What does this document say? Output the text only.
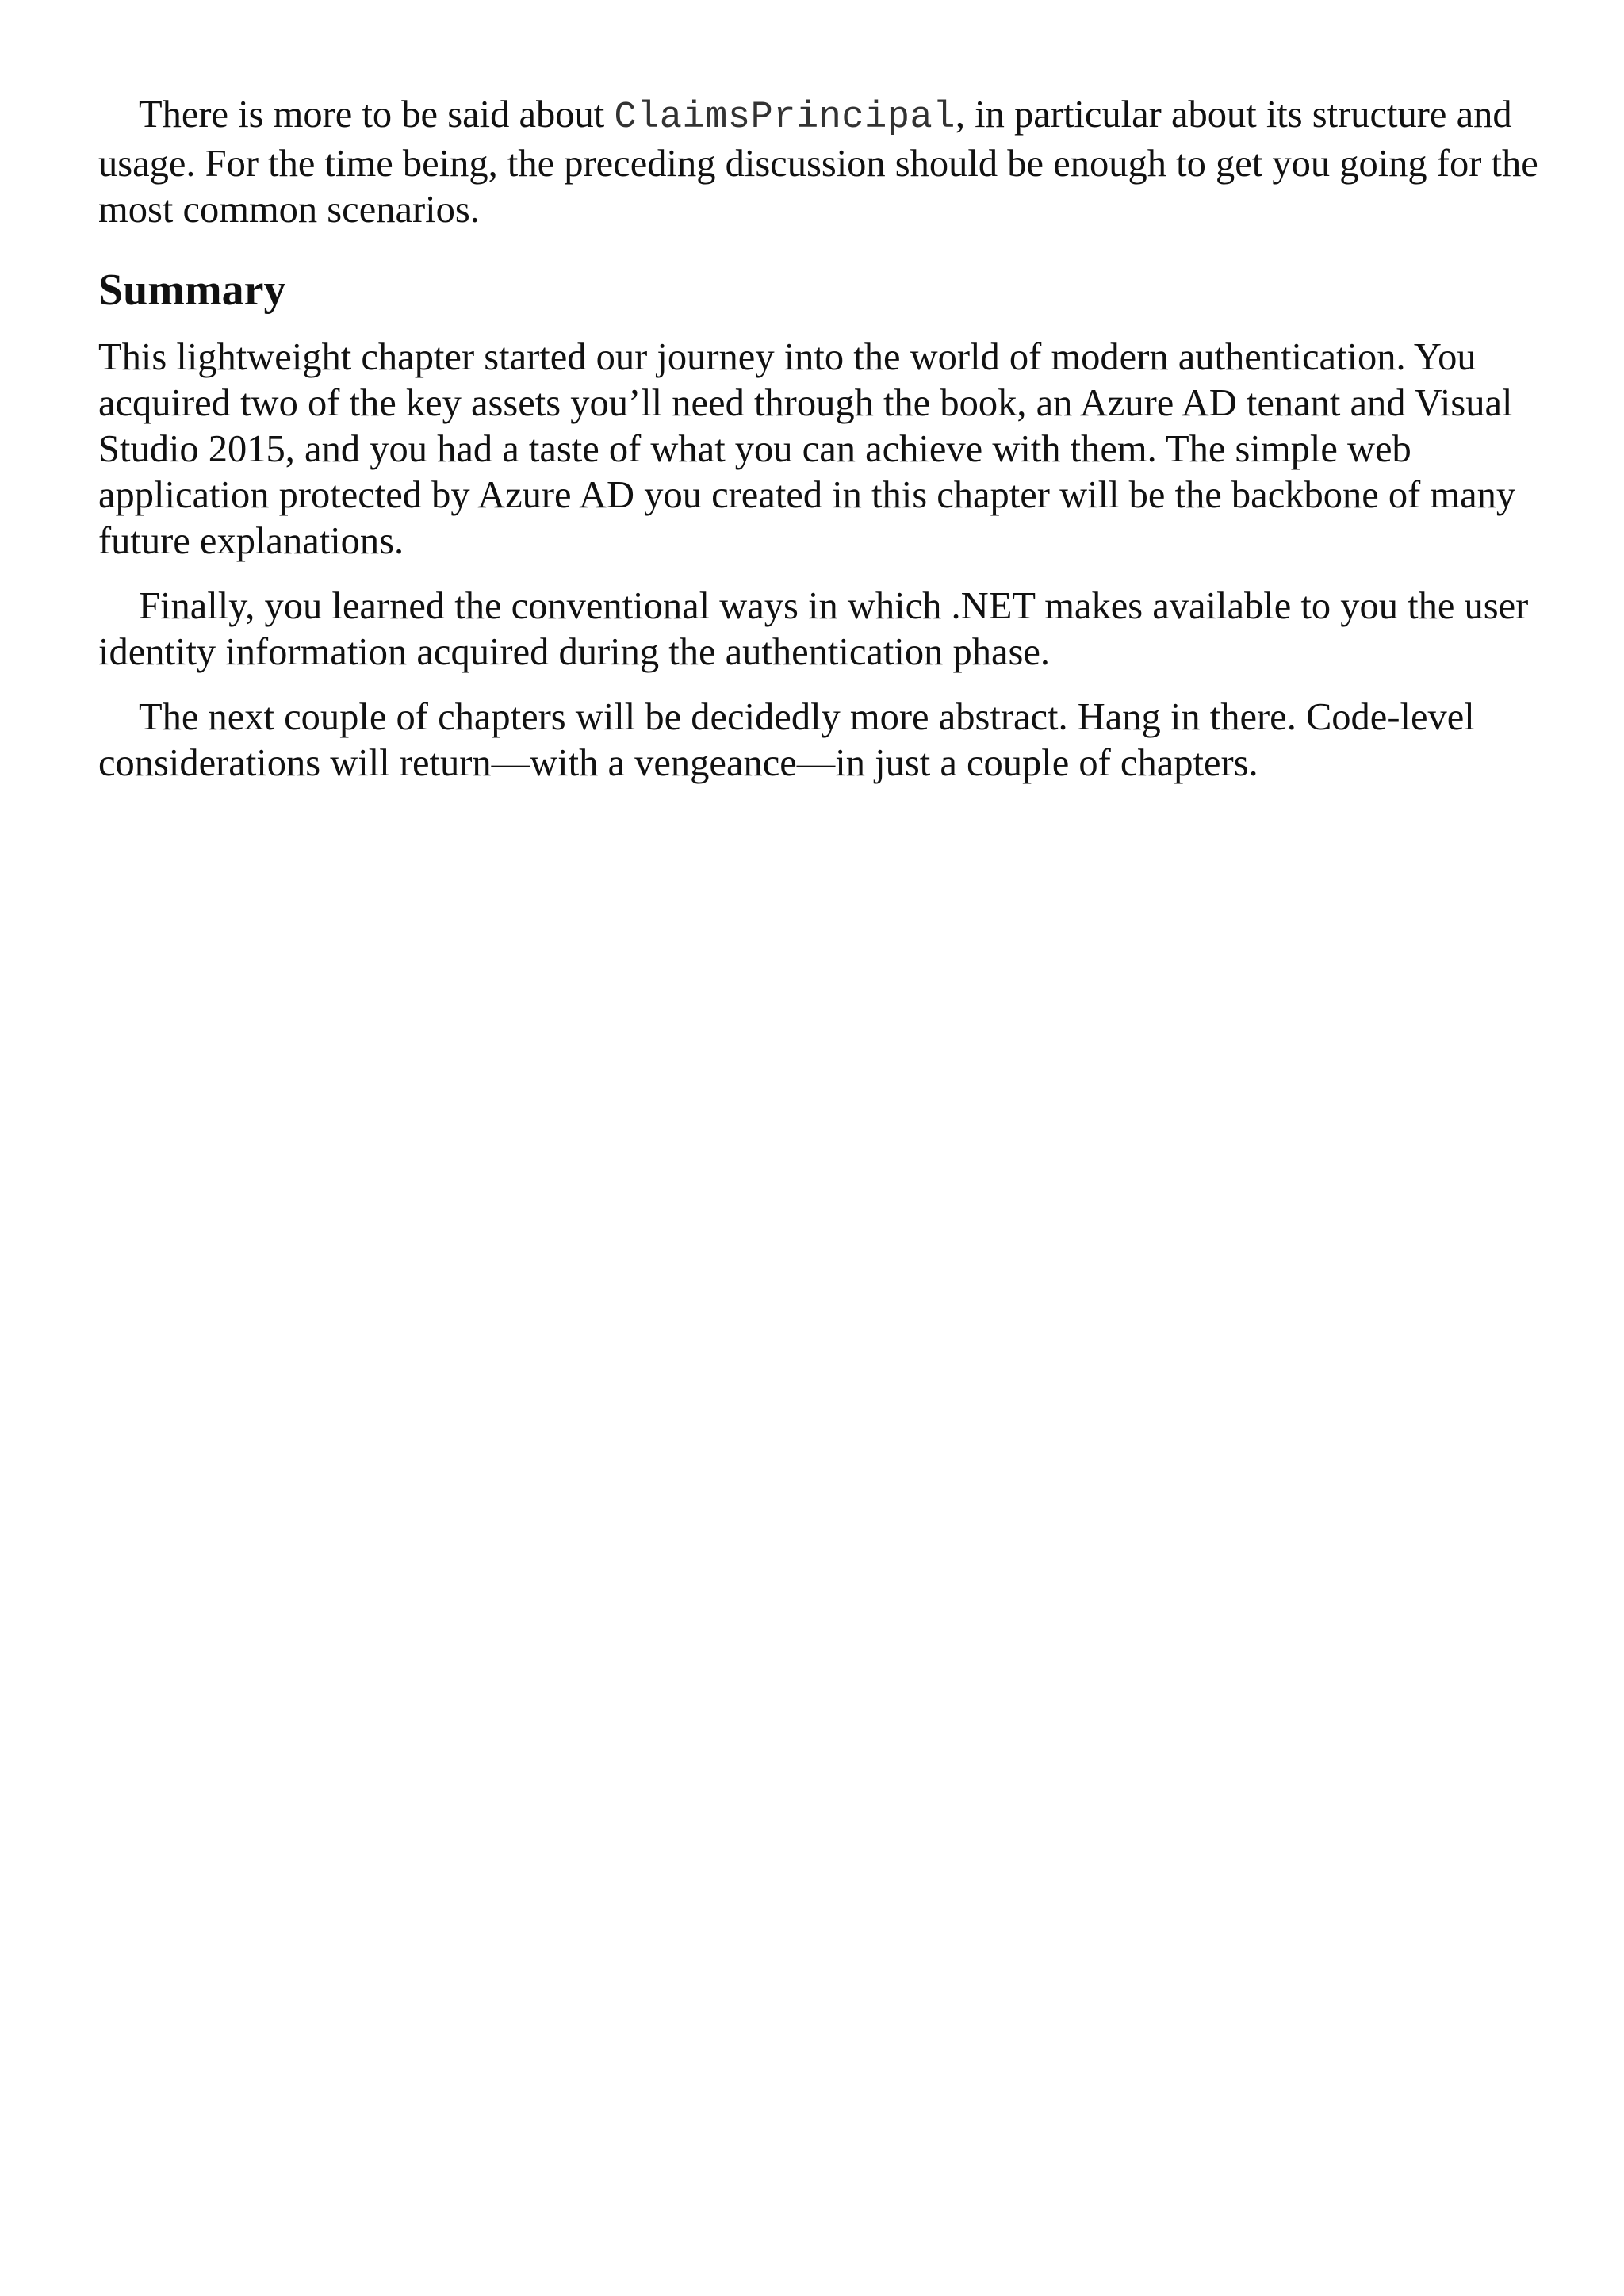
There is more to be said about ClaimsPrincipal, in particular about its structure and usage. For the time being, the preceding discussion should be enough to get you going for the most common scenarios.

Summary

This lightweight chapter started our journey into the world of modern authentication. You acquired two of the key assets you’ll need through the book, an Azure AD tenant and Visual Studio 2015, and you had a taste of what you can achieve with them. The simple web application protected by Azure AD you created in this chapter will be the backbone of many future explanations.

Finally, you learned the conventional ways in which .NET makes available to you the user identity information acquired during the authentication phase.

The next couple of chapters will be decidedly more abstract. Hang in there. Code-level considerations will return—with a vengeance—in just a couple of chapters.
